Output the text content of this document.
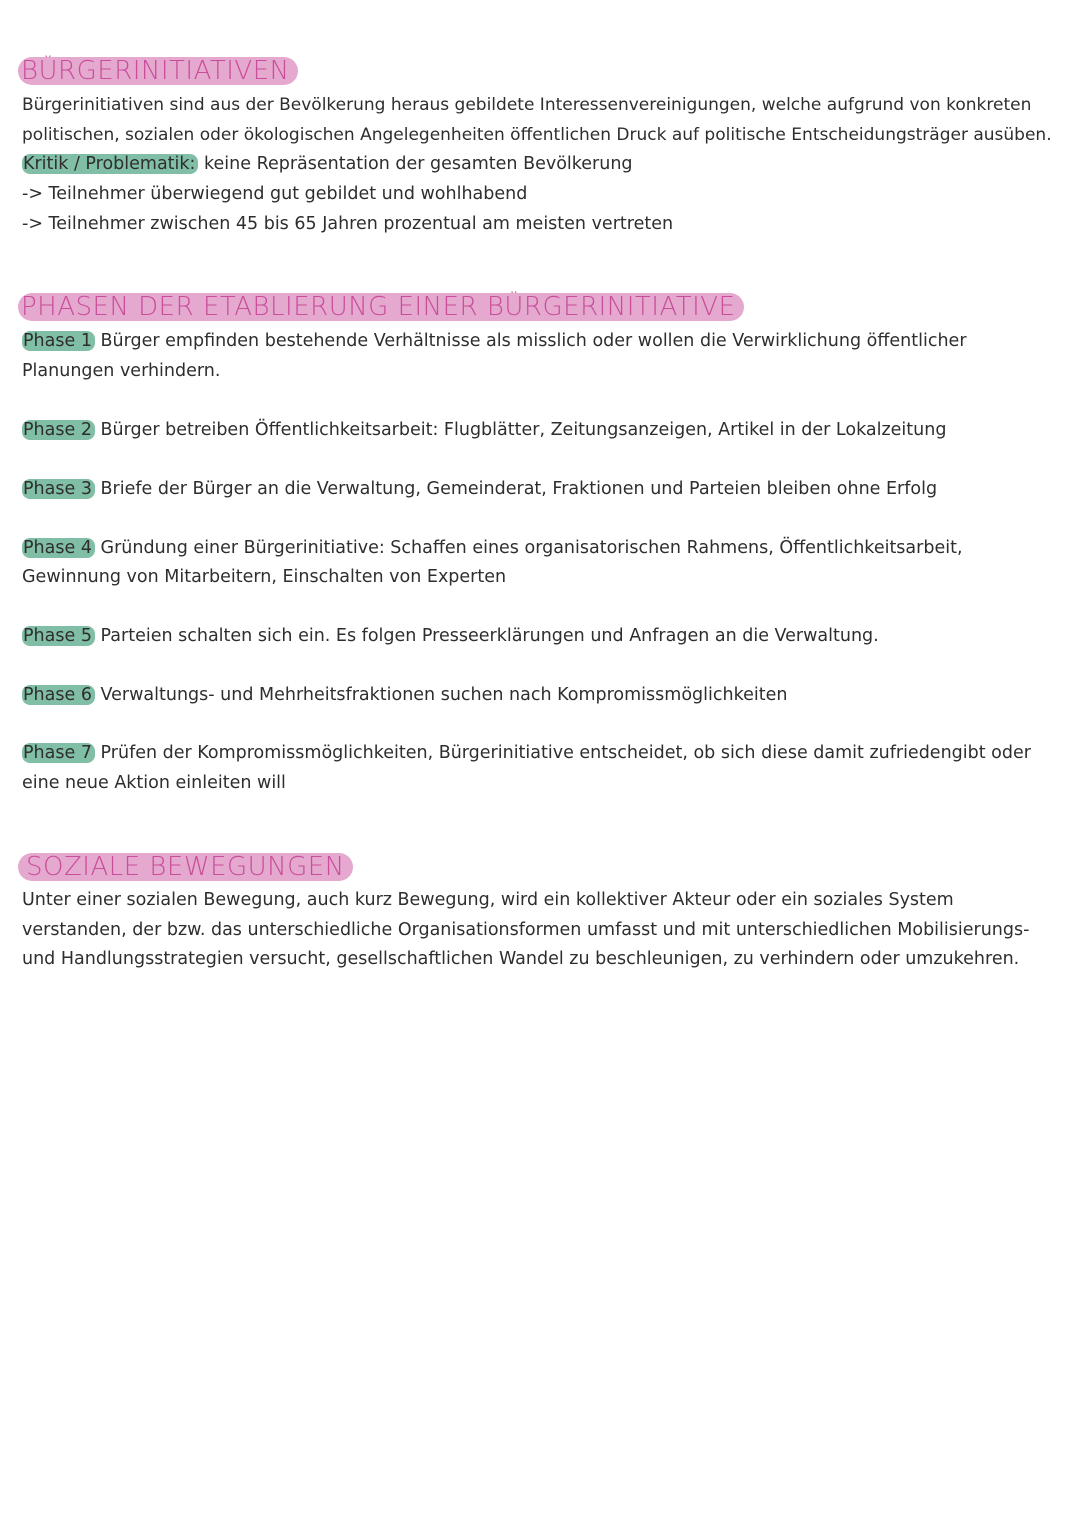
BÜRGERINITIATIVEN
Bürgerinitiativen sind aus der Bevölkerung heraus gebildete Interessenvereinigungen, welche aufgrund von konkreten
politischen, sozialen oder ökologischen Angelegenheiten öffentlichen Druck auf politische Entscheidungsträger ausüben.
Kritik / Problematik: keine Repräsentation der gesamten Bevölkerung
-> Teilnehmer überwiegend gut gebildet und wohlhabend
-> Teilnehmer zwischen 45 bis 65 Jahren prozentual am meisten vertreten
PHASEN DER ETABLIERUNG EINER BÜRGERINITIATIVE
Phase 1 Bürger empfinden bestehende Verhältnisse als misslich oder wollen die Verwirklichung öffentlicher
Planungen verhindern.
Phase 2 Bürger betreiben Öffentlichkeitsarbeit: Flugblätter, Zeitungsanzeigen, Artikel in der Lokalzeitung
Phase 3 Briefe der Bürger an die Verwaltung, Gemeinderat, Fraktionen und Parteien bleiben ohne Erfolg
Phase 4 Gründung einer Bürgerinitiative: Schaffen eines organisatorischen Rahmens, Öffentlichkeitsarbeit,
Gewinnung von Mitarbeitern, Einschalten von Experten
Phase 5 Parteien schalten sich ein. Es folgen Presseerklärungen und Anfragen an die Verwaltung.
Phase 6 Verwaltungs- und Mehrheitsfraktionen suchen nach Kompromissmöglichkeiten
Phase 7 Prüfen der Kompromissmöglichkeiten, Bürgerinitiative entscheidet, ob sich diese damit zufriedengibt oder
eine neue Aktion einleiten will
SOZIALE BEWEGUNGEN
Unter einer sozialen Bewegung, auch kurz Bewegung, wird ein kollektiver Akteur oder ein soziales System
verstanden, der bzw. das unterschiedliche Organisationsformen umfasst und mit unterschiedlichen Mobilisierungs-
und Handlungsstrategien versucht, gesellschaftlichen Wandel zu beschleunigen, zu verhindern oder umzukehren.
